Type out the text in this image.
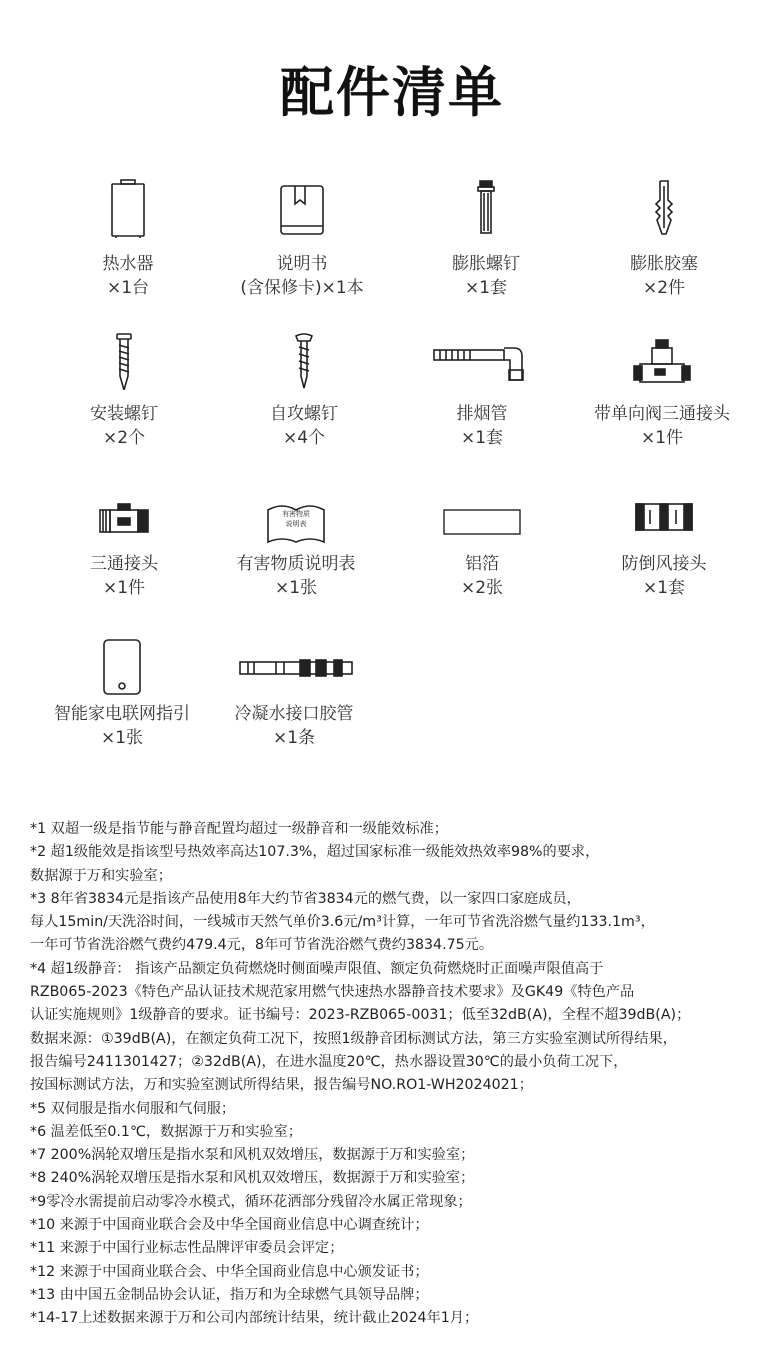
配件清单
热水器
×1台
说明书
(含保修卡)×1本
膨胀螺钉
×1套
膨胀胶塞
×2件
安装螺钉
×2个
自攻螺钉
×4个
排烟管
×1套
带单向阀三通接头
×1件
三通接头
×1件
有害物质
说明表
有害物质说明表
×1张
铝箔
×2张
防倒风接头
×1套
智能家电联网指引
×1张
冷凝水接口胶管
×1条
*1 双超一级是指节能与静音配置均超过一级静音和一级能效标准；
*2 超1级能效是指该型号热效率高达107.3%，超过国家标准一级能效热效率98%的要求，
数据源于万和实验室；
*3 8年省3834元是指该产品使用8年大约节省3834元的燃气费，以一家四口家庭成员，
每人15min/天洗浴时间，一线城市天然气单价3.6元/m³计算，一年可节省洗浴燃气量约133.1m³，
一年可节省洗浴燃气费约479.4元，8年可节省洗浴燃气费约3834.75元。
*4 超1级静音： 指该产品额定负荷燃烧时侧面噪声限值、额定负荷燃烧时正面噪声限值高于
RZB065-2023《特色产品认证技术规范家用燃气快速热水器静音技术要求》及GK49《特色产品
认证实施规则》1级静音的要求。证书编号：2023-RZB065-0031；低至32dB(A)，全程不超39dB(A)；
数据来源：①39dB(A)，在额定负荷工况下，按照1级静音团标测试方法，第三方实验室测试所得结果，
报告编号2411301427；②32dB(A)，在进水温度20℃，热水器设置30℃的最小负荷工况下，
按国标测试方法，万和实验室测试所得结果，报告编号NO.RO1-WH2024021；
*5 双伺服是指水伺服和气伺服；
*6 温差低至0.1℃，数据源于万和实验室；
*7 200%涡轮双增压是指水泵和风机双效增压，数据源于万和实验室；
*8 240%涡轮双增压是指水泵和风机双效增压，数据源于万和实验室；
*9零冷水需提前启动零冷水模式，循环花洒部分残留冷水属正常现象；
*10 来源于中国商业联合会及中华全国商业信息中心调查统计；
*11 来源于中国行业标志性品牌评审委员会评定；
*12 来源于中国商业联合会、中华全国商业信息中心颁发证书；
*13 由中国五金制品协会认证，指万和为全球燃气具领导品牌；
*14-17上述数据来源于万和公司内部统计结果，统计截止2024年1月；
